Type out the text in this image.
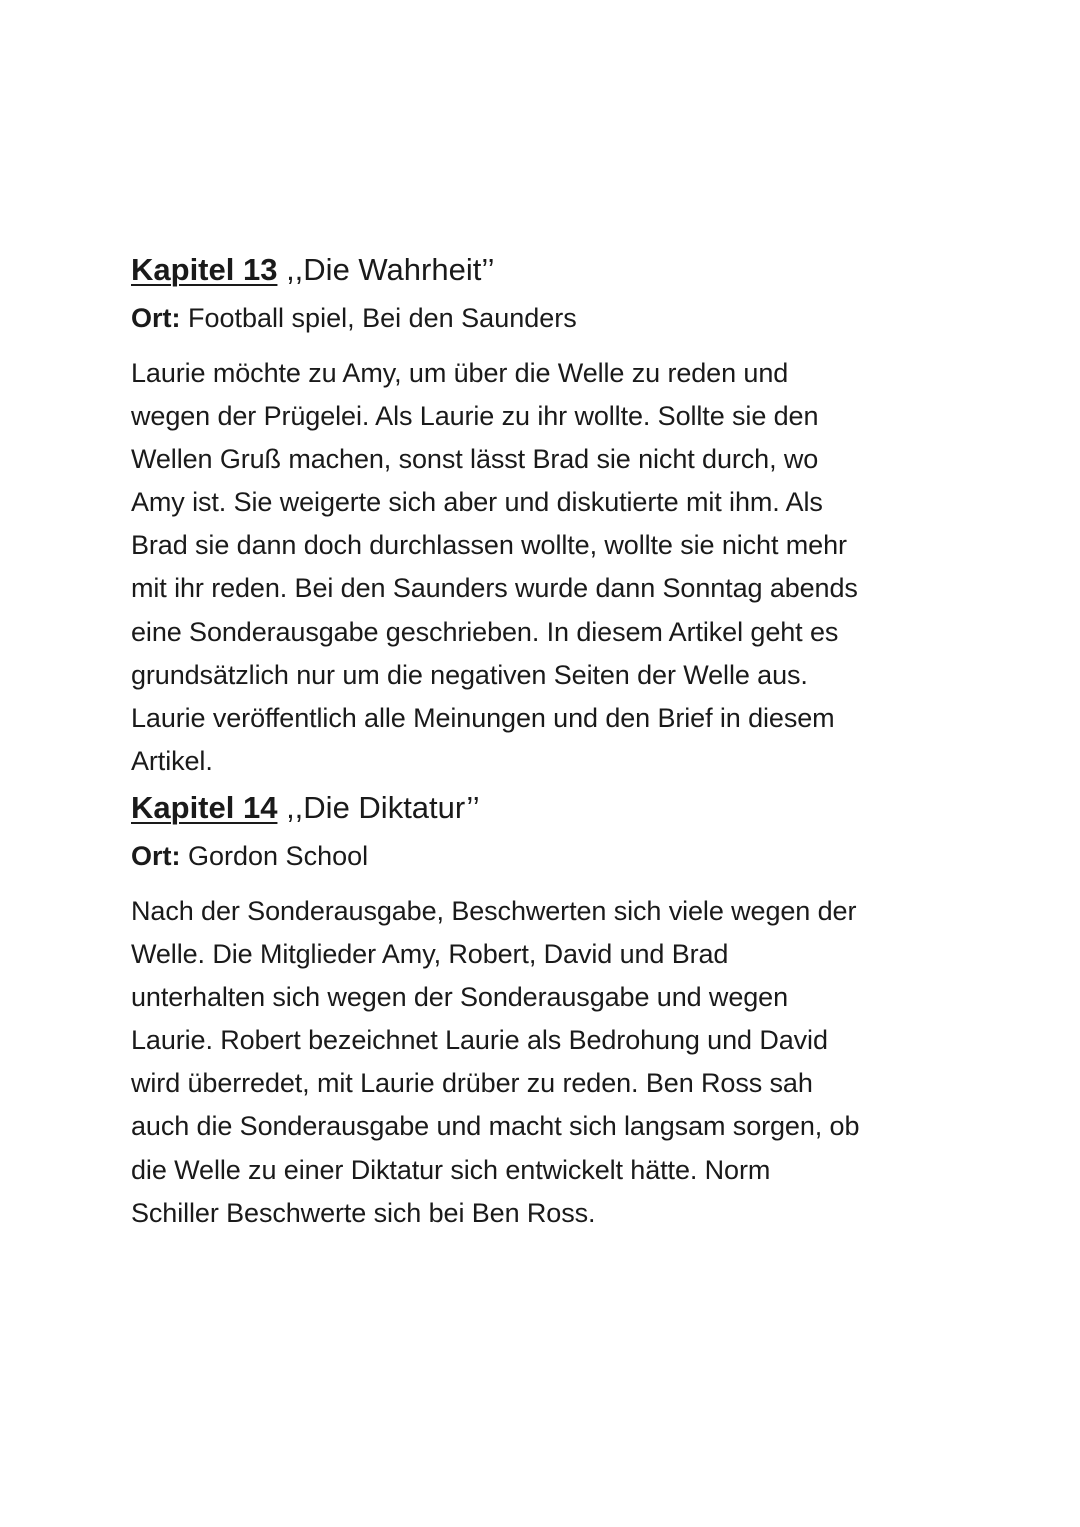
Kapitel 13 ,,Die Wahrheit’’

Ort: Football spiel, Bei den Saunders

Laurie möchte zu Amy, um über die Welle zu reden und
wegen der Prügelei. Als Laurie zu ihr wollte. Sollte sie den
Wellen Gruß machen, sonst lässt Brad sie nicht durch, wo
Amy ist. Sie weigerte sich aber und diskutierte mit ihm. Als
Brad sie dann doch durchlassen wollte, wollte sie nicht mehr
mit ihr reden. Bei den Saunders wurde dann Sonntag abends
eine Sonderausgabe geschrieben. In diesem Artikel geht es
grundsätzlich nur um die negativen Seiten der Welle aus.
Laurie veröffentlich alle Meinungen und den Brief in diesem
Artikel.

Kapitel 14 ,,Die Diktatur’’

Ort: Gordon School

Nach der Sonderausgabe, Beschwerten sich viele wegen der
Welle. Die Mitglieder Amy, Robert, David und Brad
unterhalten sich wegen der Sonderausgabe und wegen
Laurie. Robert bezeichnet Laurie als Bedrohung und David
wird überredet, mit Laurie drüber zu reden. Ben Ross sah
auch die Sonderausgabe und macht sich langsam sorgen, ob
die Welle zu einer Diktatur sich entwickelt hätte. Norm
Schiller Beschwerte sich bei Ben Ross.
